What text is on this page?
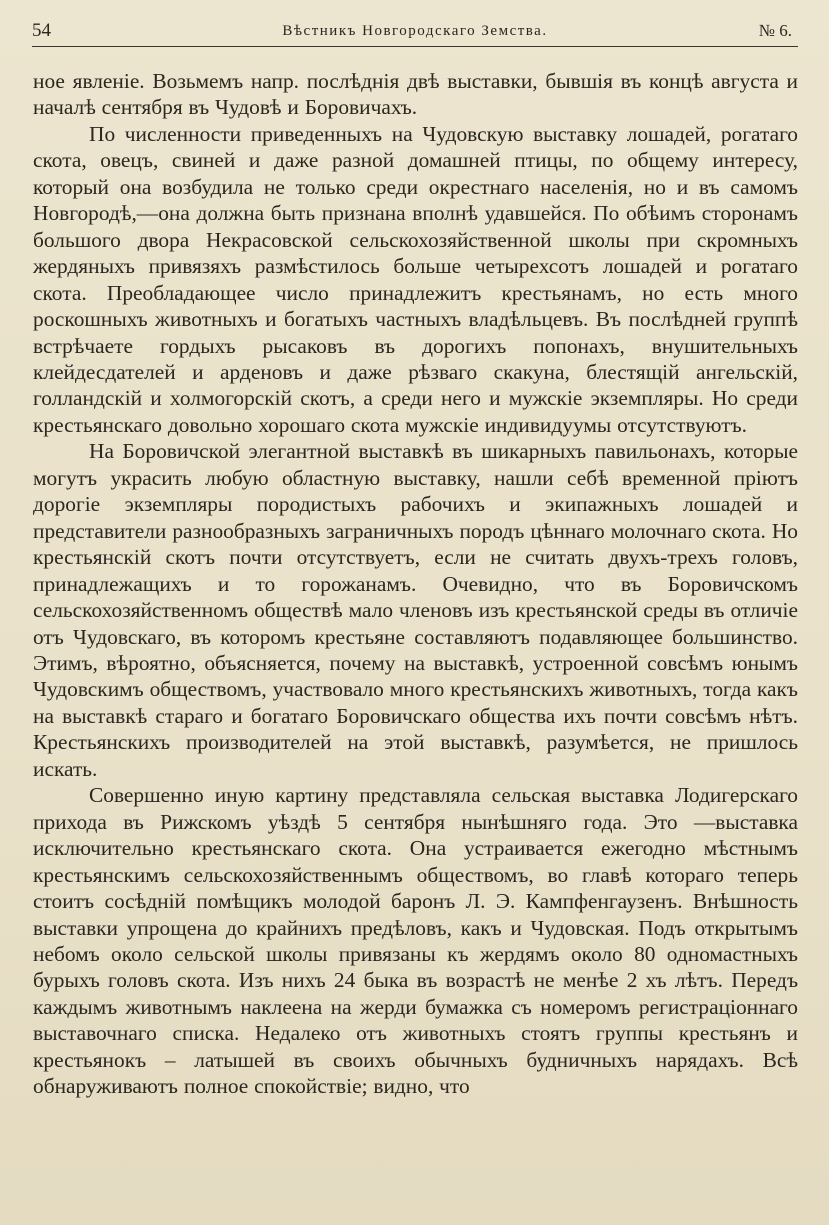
54	Вѣстникъ Новгородскаго Земства.	№ 6.

ное явленіе. Возьмемъ напр. послѣднія двѣ выставки, бывшія въ концѣ августа и началѣ сентября въ Чудовѣ и Боровичахъ.

По численности приведенныхъ на Чудовскую выставку лошадей, рогатаго скота, овецъ, свиней и даже разной домашней птицы, по общему интересу, который она возбудила не только среди окрестнаго населенія, но и въ самомъ Новгородѣ,—она должна быть признана вполнѣ удавшейся. По обѣимъ сторонамъ большого двора Некрасовской сельскохозяйственной школы при скромныхъ жердяныхъ привязяхъ размѣстилось больше четырехсотъ лошадей и рогатаго скота. Преобладающее число принадлежитъ крестьянамъ, но есть много роскошныхъ животныхъ и богатыхъ частныхъ владѣльцевъ. Въ послѣдней группѣ встрѣчаете гордыхъ рысаковъ въ дорогихъ попонахъ, внушительныхъ клейдесдателей и арденовъ и даже рѣзваго скакуна, блестящій ангельскій, голландскій и холмогорскій скотъ, а среди него и мужскіе экземпляры. Но среди крестьянскаго довольно хорошаго скота мужскіе индивидуумы отсутствуютъ.

На Боровичской элегантной выставкѣ въ шикарныхъ павильонахъ, которые могутъ украсить любую областную выставку, нашли себѣ временной пріютъ дорогіе экземпляры породистыхъ рабочихъ и экипажныхъ лошадей и представители разнообразныхъ заграничныхъ породъ цѣннаго молочнаго скота. Но крестьянскій скотъ почти отсутствуетъ, если не считать двухъ-трехъ головъ, принадлежащихъ и то горожанамъ. Очевидно, что въ Боровичскомъ сельскохозяйственномъ обществѣ мало членовъ изъ крестьянской среды въ отличіе отъ Чудовскаго, въ которомъ крестьяне составляютъ подавляющее большинство. Этимъ, вѣроятно, объясняется, почему на выставкѣ, устроенной совсѣмъ юнымъ Чудовскимъ обществомъ, участвовало много крестьянскихъ животныхъ, тогда какъ на выставкѣ стараго и богатаго Боровичскаго общества ихъ почти совсѣмъ нѣтъ. Крестьянскихъ производителей на этой выставкѣ, разумѣется, не пришлось искать.

Совершенно иную картину представляла сельская выставка Лодигерскаго прихода въ Рижскомъ уѣздѣ 5 сентября нынѣшняго года. Это —выставка исключительно крестьянскаго скота. Она устраивается ежегодно мѣстнымъ крестьянскимъ сельскохозяйственнымъ обществомъ, во главѣ котораго теперь стоитъ сосѣдній помѣщикъ молодой баронъ Л. Э. Кампфенгаузенъ. Внѣшность выставки упрощена до крайнихъ предѣловъ, какъ и Чудовская. Подъ открытымъ небомъ около сельской школы привязаны къ жердямъ около 80 одномастныхъ бурыхъ головъ скота. Изъ нихъ 24 быка въ возрастѣ не менѣе 2 хъ лѣтъ. Передъ каждымъ животнымъ наклеена на жерди бумажка съ номеромъ регистраціоннаго выставочнаго списка. Недалеко отъ животныхъ стоятъ группы крестьянъ и крестьянокъ – латышей въ своихъ обычныхъ будничныхъ нарядахъ. Всѣ обнаруживаютъ полное спокойствіе; видно, что
